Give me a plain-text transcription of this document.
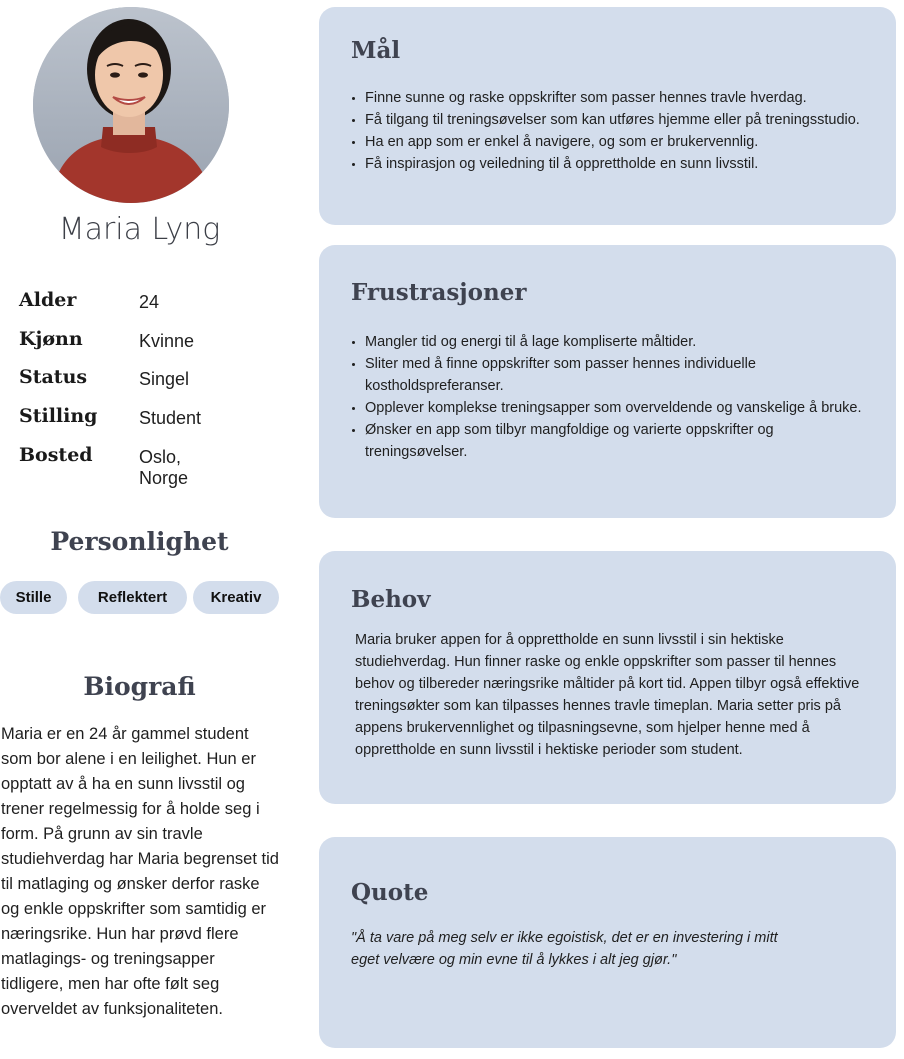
Maria Lyng
Alder	24
Kjønn	Kvinne
Status	Singel
Stilling Student
Bosted	Oslo, Norge
Personlighet
Stille	Reflektert	Kreativ
Biografi
Maria er en 24 år gammel student som bor alene i en leilighet. Hun er opptatt av å ha en sunn livsstil og trener regelmessig for å holde seg i form. På grunn av sin travle studiehverdag har Maria begrenset tid til matlaging og ønsker derfor raske og enkle oppskrifter som samtidig er næringsrike. Hun har prøvd flere matlagings- og treningsapper tidligere, men har ofte følt seg overveldet av funksjonaliteten.
Mål
• Finne sunne og raske oppskrifter som passer hennes travle hverdag.
• Få tilgang til treningsøvelser som kan utføres hjemme eller på treningsstudio.
• Ha en app som er enkel å navigere, og som er brukervennlig.
• Få inspirasjon og veiledning til å opprettholde en sunn livsstil.
Frustrasjoner
• Mangler tid og energi til å lage kompliserte måltider.
• Sliter med å finne oppskrifter som passer hennes individuelle kostholdspreferanser.
• Opplever komplekse treningsapper som overveldende og vanskelige å bruke.
• Ønsker en app som tilbyr mangfoldige og varierte oppskrifter og treningsøvelser.
Behov
Maria bruker appen for å opprettholde en sunn livsstil i sin hektiske studiehverdag. Hun finner raske og enkle oppskrifter som passer til hennes behov og tilbereder næringsrike måltider på kort tid. Appen tilbyr også effektive treningsøkter som kan tilpasses hennes travle timeplan. Maria setter pris på appens brukervennlighet og tilpasningsevne, som hjelper henne med å opprettholde en sunn livsstil i hektiske perioder som student.
Quote
"Å ta vare på meg selv er ikke egoistisk, det er en investering i mitt eget velvære og min evne til å lykkes i alt jeg gjør."
